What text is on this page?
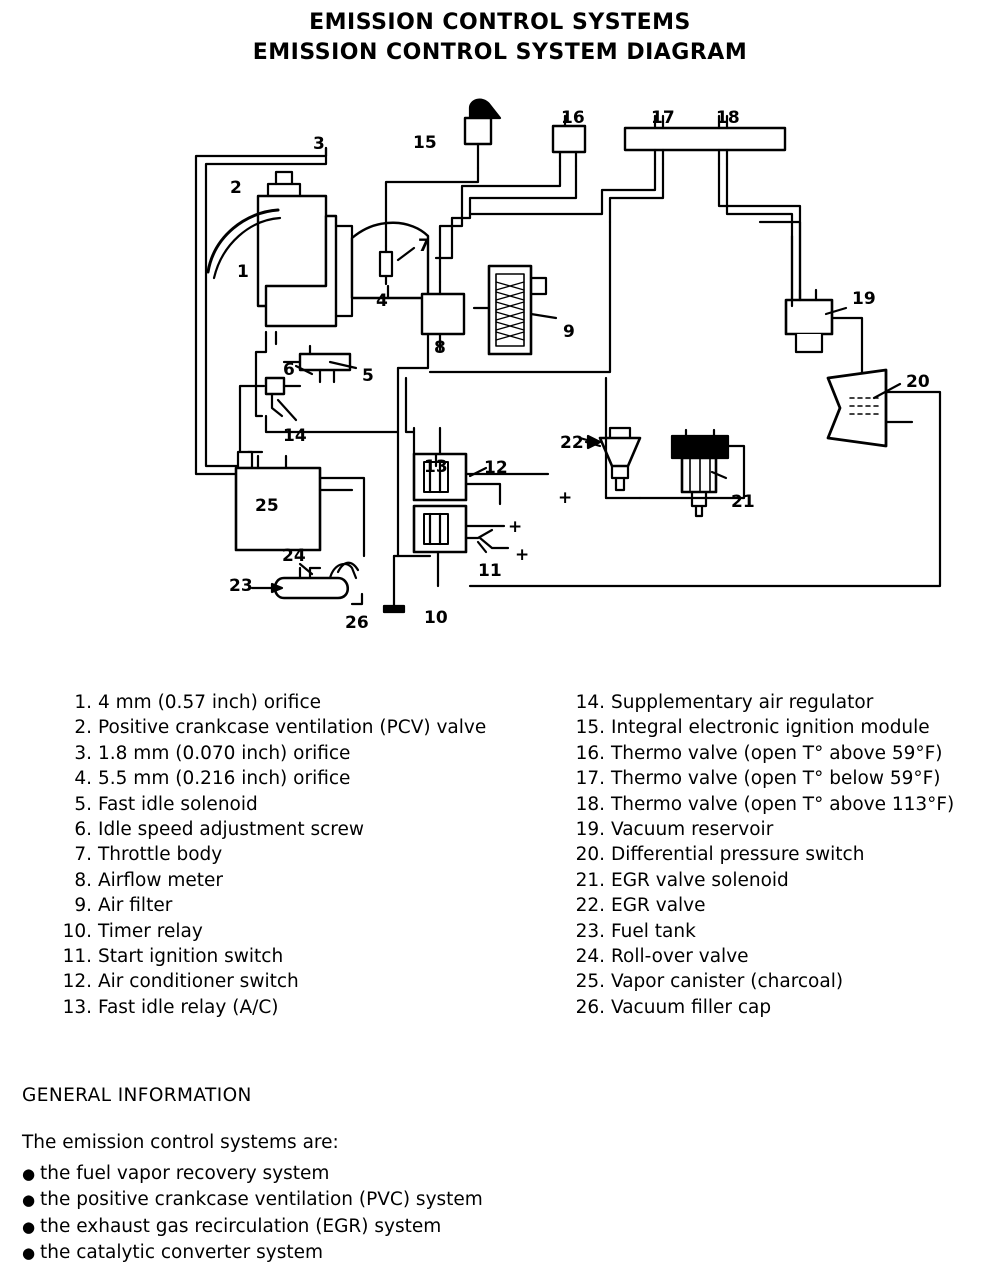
EMISSION CONTROL SYSTEMS
EMISSION CONTROL SYSTEM DIAGRAM
1
2
3
4
5
6
7
8
9
10
11
12
13
14
15
16	17 18
19
20
21
22
23
24
25
26
+
+
+
1. 4 mm (0.57 inch) orifice
2. Positive crankcase ventilation (PCV) valve
3. 1.8 mm (0.070 inch) orifice
4. 5.5 mm (0.216 inch) orifice
5. Fast idle solenoid
6. Idle speed adjustment screw
7. Throttle body
8. Airflow meter
9. Air filter
10. Timer relay
11. Start ignition switch
12. Air conditioner switch
13. Fast idle relay (A/C)
14. Supplementary air regulator
15. Integral electronic ignition module
16. Thermo valve (open T° above 59°F)
17. Thermo valve (open T° below 59°F)
18. Thermo valve (open T° above 113°F)
19. Vacuum reservoir
20. Differential pressure switch
21. EGR valve solenoid
22. EGR valve
23. Fuel tank
24. Roll-over valve
25. Vapor canister (charcoal)
26. Vacuum filler cap
GENERAL INFORMATION
The emission control systems are:
● the fuel vapor recovery system
● the positive crankcase ventilation (PVC) system
● the exhaust gas recirculation (EGR) system
● the catalytic converter system
